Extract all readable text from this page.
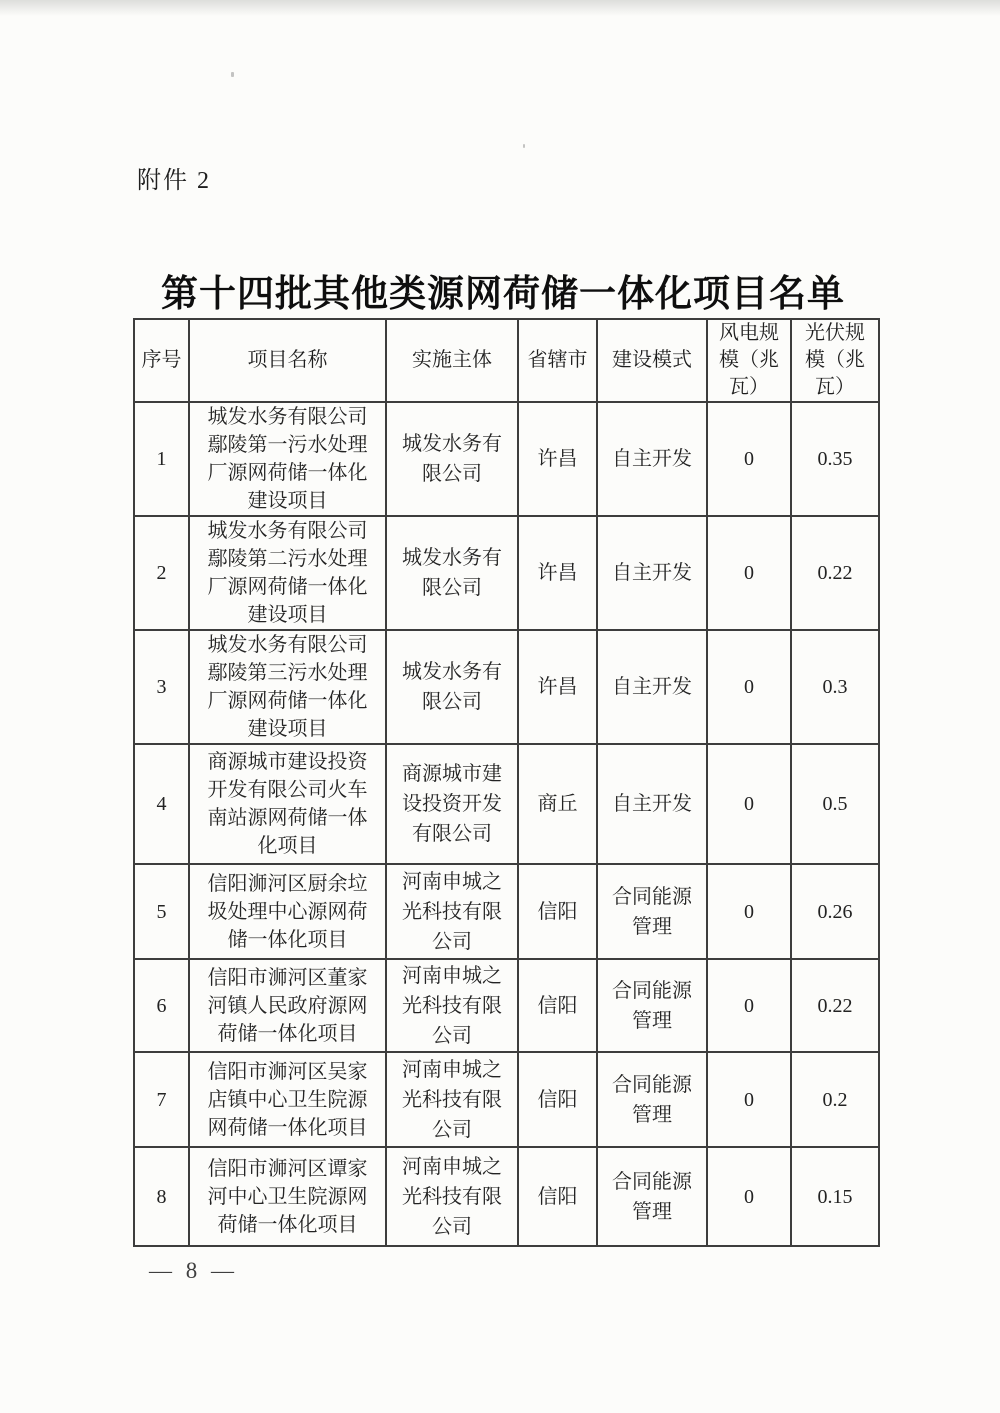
附件 2
第十四批其他类源网荷储一体化项目名单
序号	项目名称	实施主体	省辖市	建设模式	风电规模（兆瓦）	光伏规模（兆瓦）
1	城发水务有限公司鄢陵第一污水处理厂源网荷储一体化建设项目	城发水务有限公司	许昌	自主开发	0	0.35
2	城发水务有限公司鄢陵第二污水处理厂源网荷储一体化建设项目	城发水务有限公司	许昌	自主开发	0	0.22
3	城发水务有限公司鄢陵第三污水处理厂源网荷储一体化建设项目	城发水务有限公司	许昌	自主开发	0	0.3
4	商源城市建设投资开发有限公司火车南站源网荷储一体化项目	商源城市建设投资开发有限公司	商丘	自主开发	0	0.5
5	信阳浉河区厨余垃圾处理中心源网荷储一体化项目	河南申城之光科技有限公司	信阳	合同能源管理	0	0.26
6	信阳市浉河区董家河镇人民政府源网荷储一体化项目	河南申城之光科技有限公司	信阳	合同能源管理	0	0.22
7	信阳市浉河区吴家店镇中心卫生院源网荷储一体化项目	河南申城之光科技有限公司	信阳	合同能源管理	0	0.2
8	信阳市浉河区谭家河中心卫生院源网荷储一体化项目	河南申城之光科技有限公司	信阳	合同能源管理	0	0.15
— 8 —
